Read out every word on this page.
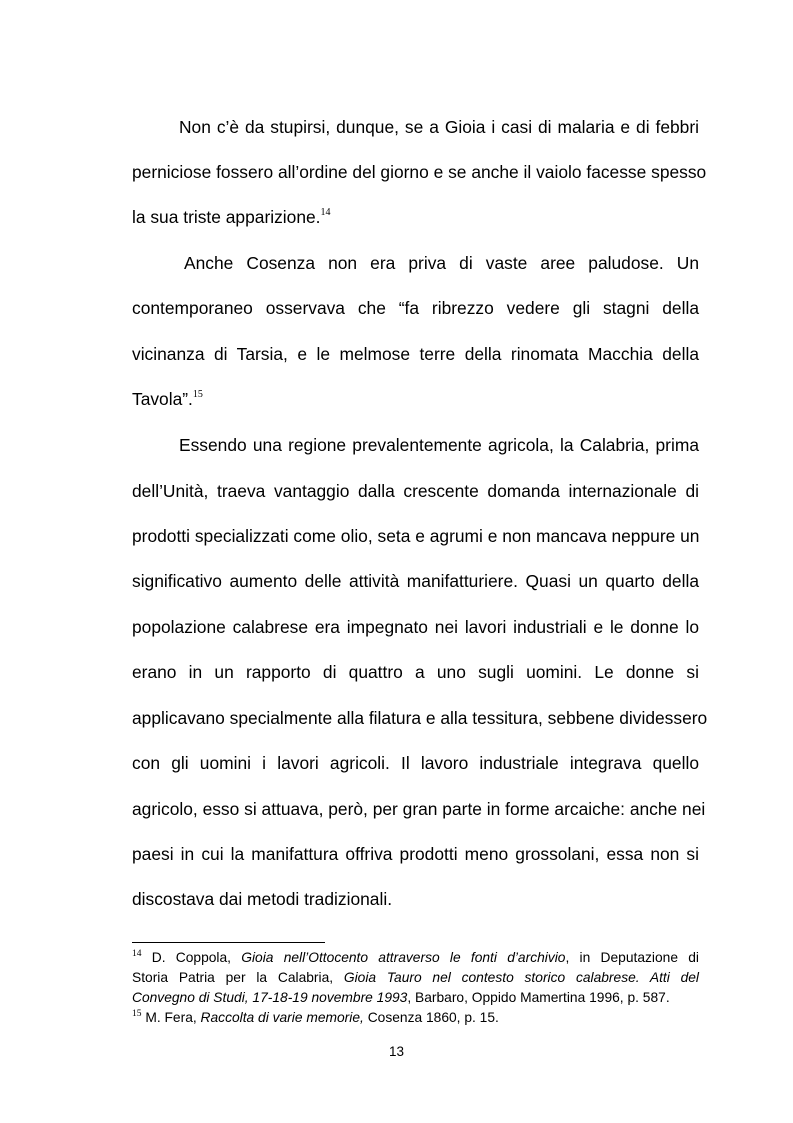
Non c’è da stupirsi, dunque, se a Gioia i casi di malaria e di febbri
perniciose fossero all’ordine del giorno e se anche il vaiolo facesse spesso
la sua triste apparizione.$^{14}$
Anche Cosenza non era priva di vaste aree paludose. Un
contemporaneo osservava che “fa ribrezzo vedere gli stagni della
vicinanza di Tarsia, e le melmose terre della rinomata Macchia della
Tavola”.$^{15}$
Essendo una regione prevalentemente agricola, la Calabria, prima
dell’Unità, traeva vantaggio dalla crescente domanda internazionale di
prodotti specializzati come olio, seta e agrumi e non mancava neppure un
significativo aumento delle attività manifatturiere. Quasi un quarto della
popolazione calabrese era impegnato nei lavori industriali e le donne lo
erano in un rapporto di quattro a uno sugli uomini. Le donne si
applicavano specialmente alla filatura e alla tessitura, sebbene dividessero
con gli uomini i lavori agricoli. Il lavoro industriale integrava quello
agricolo, esso si attuava, però, per gran parte in forme arcaiche: anche nei
paesi in cui la manifattura offriva prodotti meno grossolani, essa non si
discostava dai metodi tradizionali.
$^{14}$ D. Coppola, Gioia nell’Ottocento attraverso le fonti d’archivio, in Deputazione di
Storia Patria per la Calabria, Gioia Tauro nel contesto storico calabrese. Atti del
Convegno di Studi, 17-18-19 novembre 1993, Barbaro, Oppido Mamertina 1996, p. 587.
$^{15}$ M. Fera, Raccolta di varie memorie, Cosenza 1860, p. 15.
13
